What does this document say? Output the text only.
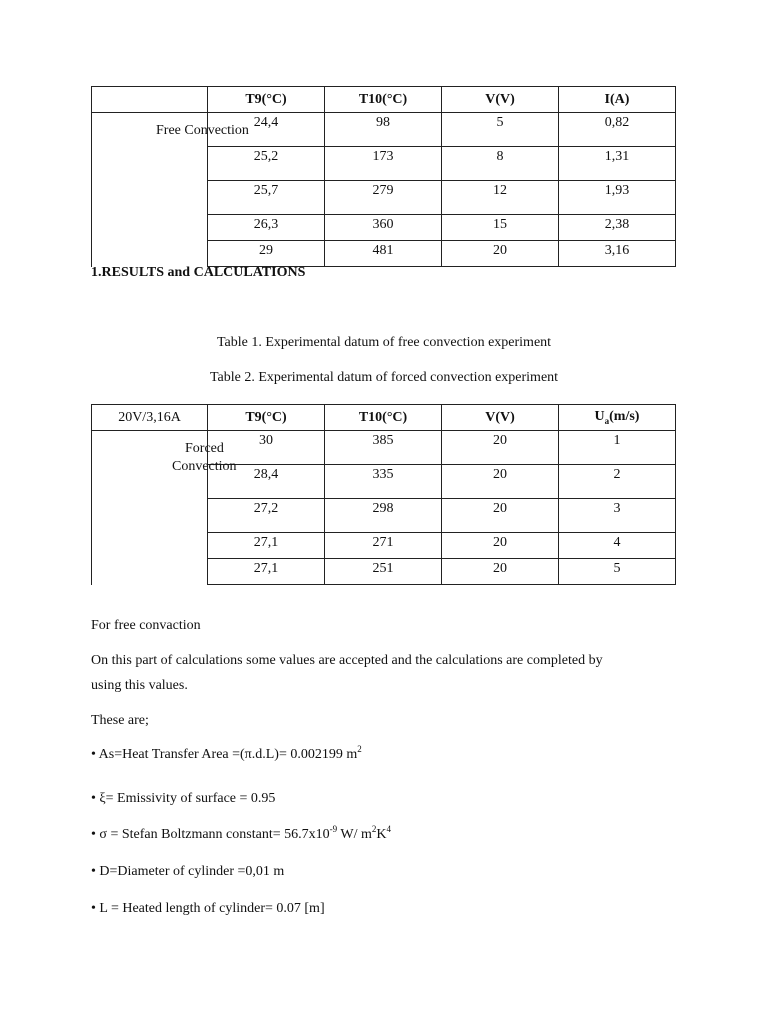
	T9(°C)	T10(°C)	V(V)	I(A)

Free Convection	24,4	98	5	0,82

	25,2	173	8	1,31

	25,7	279	12	1,93

	26,3	360	15	2,38

	29	481	20	3,16
1.RESULTS and CALCULATIONS
Table 1. Experimental datum of free convection experiment
Table 2. Experimental datum of forced convection experiment
20V/3,16A	T9(°C)	T10(°C)	V(V)	$U_a(m/s)$

Forced
Convection	30	385	20	1

	28,4	335	20	2

	27,2	298	20	3

	27,1	271	20	4

	27,1	251	20	5
For free convaction
On this part of calculations some values are accepted and the calculations are completed by
using this values.
These are;
• As=Heat Transfer Area =(π.d.L)= 0.002199 $m^2$
• ξ= Emissivity of surface = 0.95
• σ = Stefan Boltzmann constant= $56.7x10^{-9}$ W/ $m^2K^4$
• D=Diameter of cylinder =0,01 m
• L = Heated length of cylinder= 0.07 [m]
